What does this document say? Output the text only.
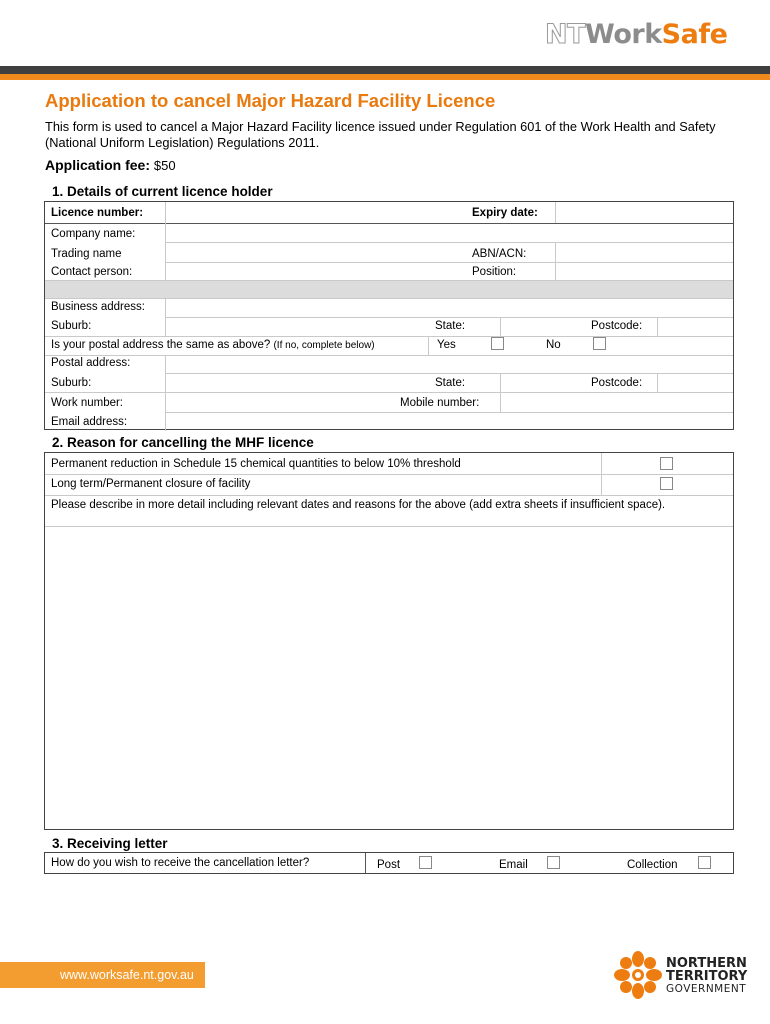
NTWorkSafe
Application to cancel Major Hazard Facility Licence

This form is used to cancel a Major Hazard Facility licence issued under Regulation 601 of the Work Health and Safety (National Uniform Legislation) Regulations 2011.

Application fee: $50
1. Details of current licence holder
Licence number:	Expiry date:
Company name:
Trading name	ABN/ACN:
Contact person:	Position:
Business address:
Suburb:	State:	Postcode:
Is your postal address the same as above? (If no, complete below)	Yes	No
Postal address:
Suburb:	State:	Postcode:
Work number:	Mobile number:
Email address:
2. Reason for cancelling the MHF licence
Permanent reduction in Schedule 15 chemical quantities to below 10% threshold
Long term/Permanent closure of facility
Please describe in more detail including relevant dates and reasons for the above (add extra sheets if insufficient space).
3. Receiving letter
How do you wish to receive the cancellation letter?	Post	Email	Collection
www.worksafe.nt.gov.au
NORTHERN
TERRITORY
GOVERNMENT
